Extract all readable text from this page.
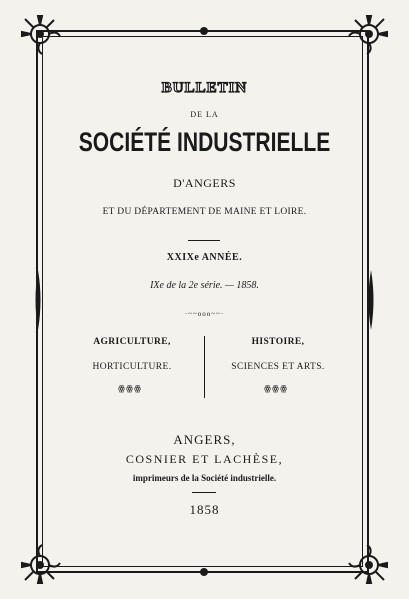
BULLETIN
DE LA
SOCIÉTÉ INDUSTRIELLE
D'ANGERS
ET DU DÉPARTEMENT DE MAINE ET LOIRE.
XXIXe ANNÉE.
IXe de la 2e série. — 1858.
·~~ooo~~·
AGRICULTURE,
HORTICULTURE.
ꙮꙮꙮ
HISTOIRE,
SCIENCES ET ARTS.
ꙮꙮꙮ
ANGERS,
COSNIER ET LACHÈSE,
imprimeurs de la Société industrielle.
1858
